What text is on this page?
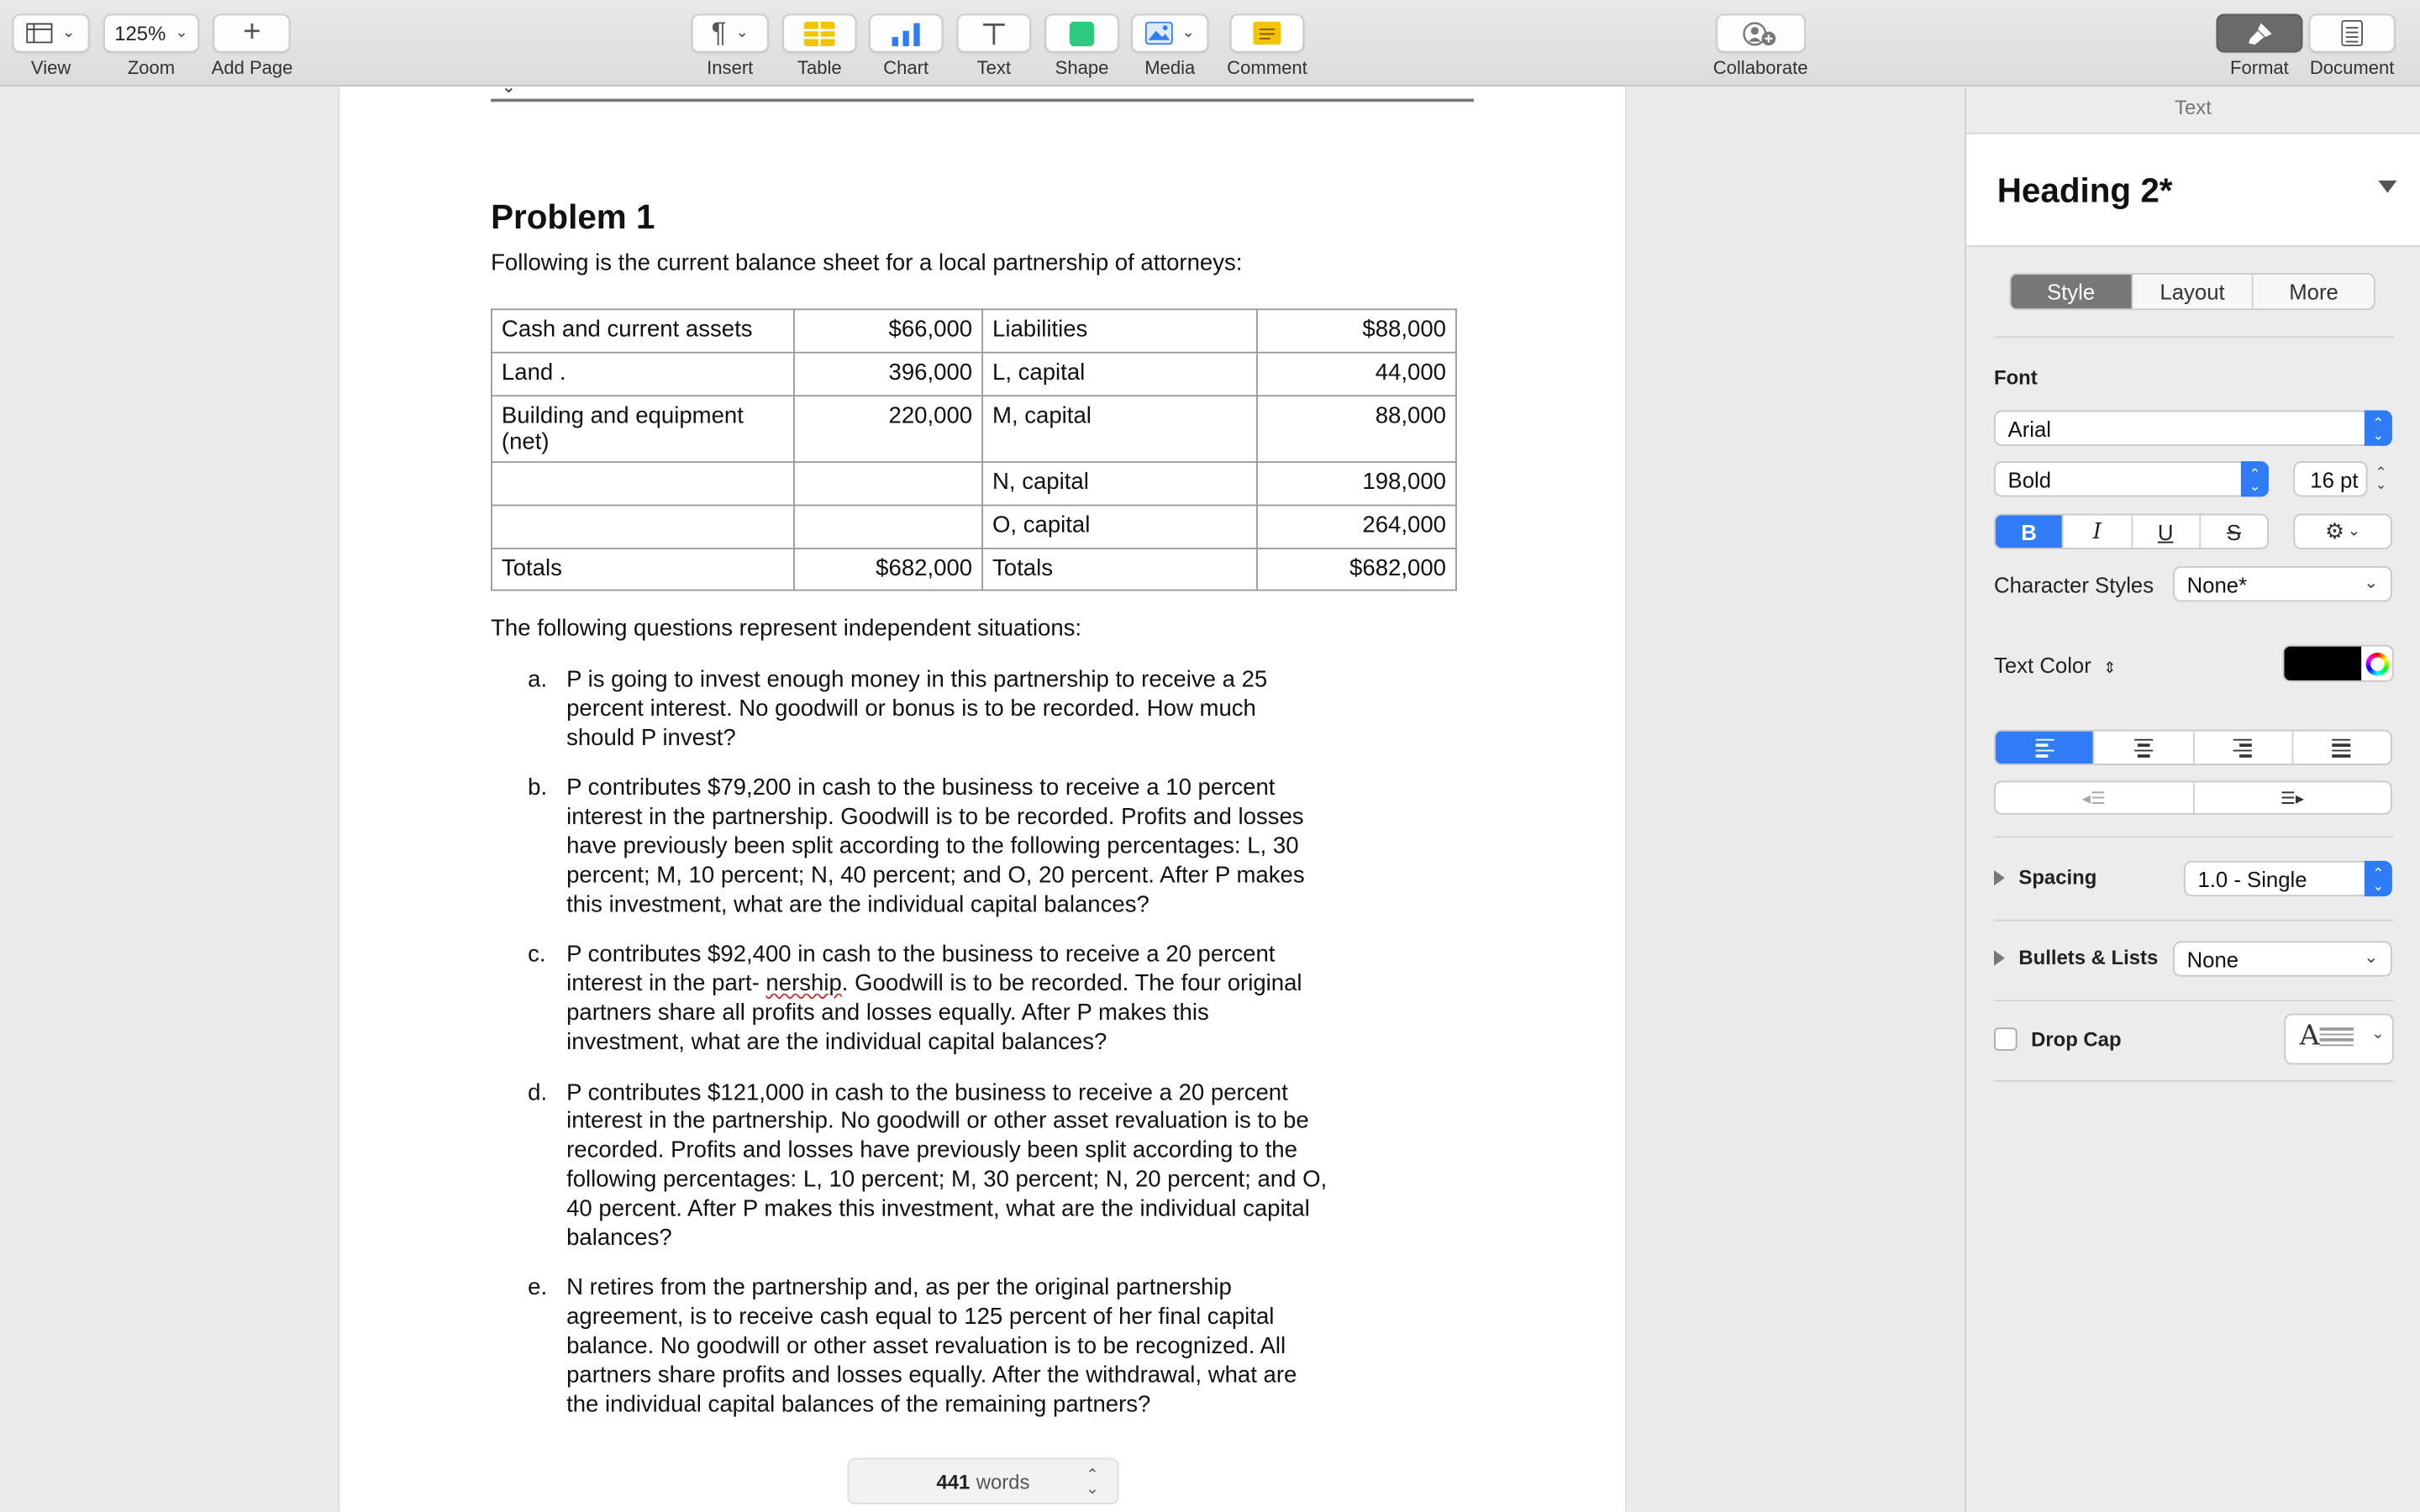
⌄
View
125% ⌄
Zoom
+
Add Page
¶ ⌄
Insert	Table	Chart	Text	Shape
⌄
Media	Comment	Collaborate	Format Document
⌄
Problem 1
Following is the current balance sheet for a local partnership of attorneys:
Cash and current assets	$66,000	Liabilities	$88,000
Land .	396,000	L, capital	44,000
Building and equipment (net)	220,000	M, capital	88,000
		N, capital	198,000
		O, capital	264,000
Totals	$682,000	Totals	$682,000
The following questions represent independent situations:
a.	P is going to invest enough money in this partnership to receive a 25 percent interest. No goodwill or bonus is to be recorded. How much should P invest?
b.	P contributes $79,200 in cash to the business to receive a 10 percent interest in the partnership. Goodwill is to be recorded. Profits and losses have previously been split according to the following percentages: L, 30 percent; M, 10 percent; N, 40 percent; and O, 20 percent. After P makes this investment, what are the individual capital balances?
c.	P contributes $92,400 in cash to the business to receive a 20 percent interest in the part- nership. Goodwill is to be recorded. The four original partners share all profits and losses equally. After P makes this investment, what are the individual capital balances?
d.	P contributes $121,000 in cash to the business to receive a 20 percent interest in the partnership. No goodwill or other asset revaluation is to be recorded. Profits and losses have previously been split according to the following percentages: L, 10 percent; M, 30 percent; N, 20 percent; and O, 40 percent. After P makes this investment, what are the individual capital balances?
e.	N retires from the partnership and, as per the original partnership agreement, is to receive cash equal to 125 percent of her final capital balance. No goodwill or other asset revaluation is to be recognized. All partners share profits and losses equally. After the withdrawal, what are the individual capital balances of the remaining partners?
441 words	⌃
⌄
Text
Heading 2*
Style	Layout	More
Font
Arial	⌃
⌄
Bold	⌃
⌄	16 pt ⌃
⌄
B	I	U	S	⚙ ⌄
Character Styles	None*	⌄
Text Color ⇕
◂☰	☰▸
Spacing	1.0 - Single	⌃
⌄
Bullets & Lists None	⌄
Drop Cap	A	⌄
